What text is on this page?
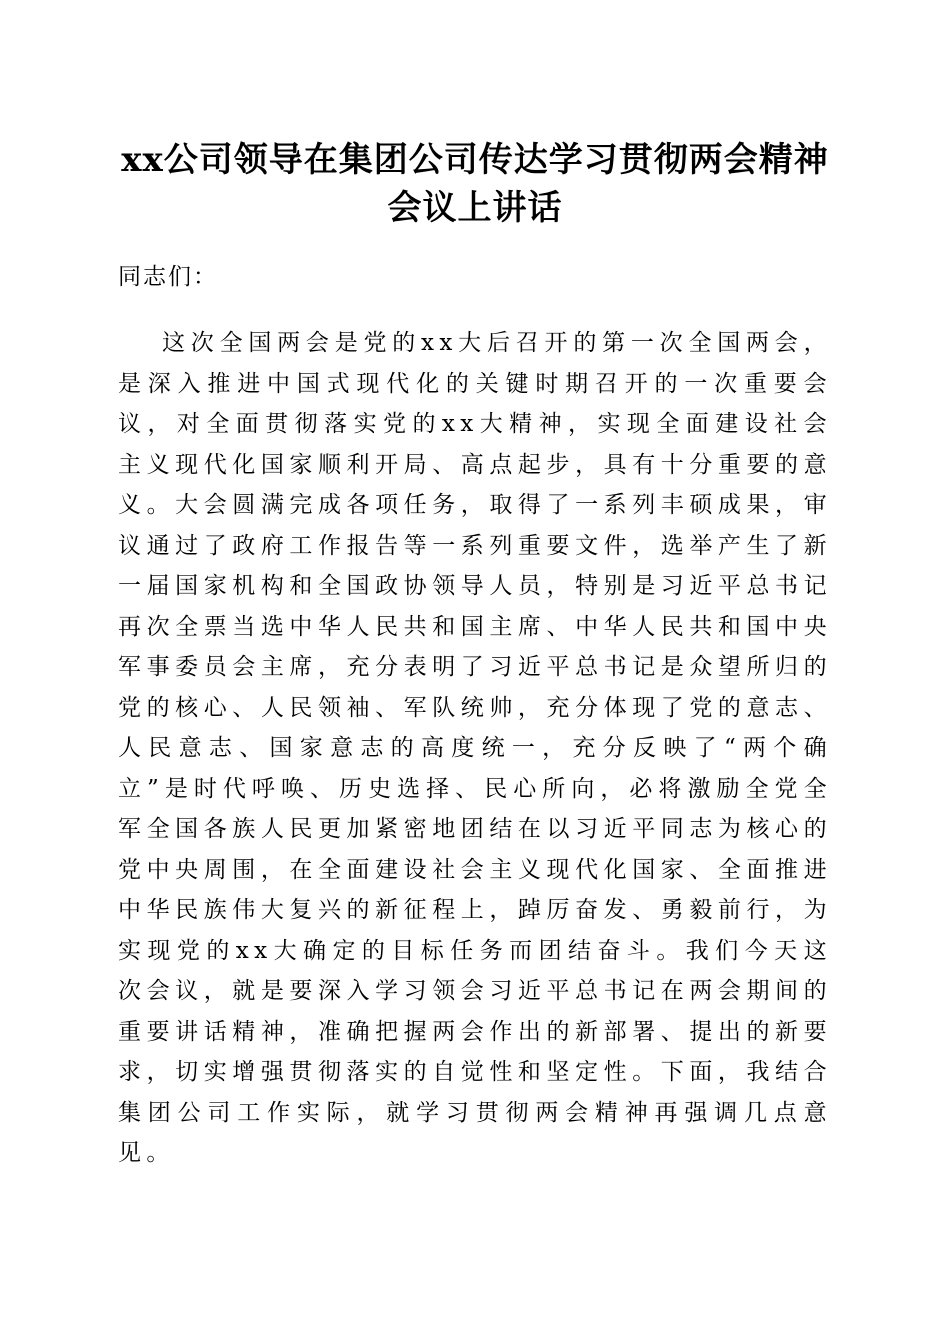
xx公司领导在集团公司传达学习贯彻两会精神会议上讲话

同志们：

这次全国两会是党的xx大后召开的第一次全国两会，是深入推进中国式现代化的关键时期召开的一次重要会议，对全面贯彻落实党的xx大精神，实现全面建设社会主义现代化国家顺利开局、高点起步，具有十分重要的意义。大会圆满完成各项任务，取得了一系列丰硕成果，审议通过了政府工作报告等一系列重要文件，选举产生了新一届国家机构和全国政协领导人员，特别是习近平总书记再次全票当选中华人民共和国主席、中华人民共和国中央军事委员会主席，充分表明了习近平总书记是众望所归的党的核心、人民领袖、军队统帅，充分体现了党的意志、人民意志、国家意志的高度统一，充分反映了“两个确立”是时代呼唤、历史选择、民心所向，必将激励全党全军全国各族人民更加紧密地团结在以习近平同志为核心的党中央周围，在全面建设社会主义现代化国家、全面推进中华民族伟大复兴的新征程上，踔厉奋发、勇毅前行，为实现党的xx大确定的目标任务而团结奋斗。我们今天这次会议，就是要深入学习领会习近平总书记在两会期间的重要讲话精神，准确把握两会作出的新部署、提出的新要求，切实增强贯彻落实的自觉性和坚定性。下面，我结合集团公司工作实际，就学习贯彻两会精神再强调几点意见。
